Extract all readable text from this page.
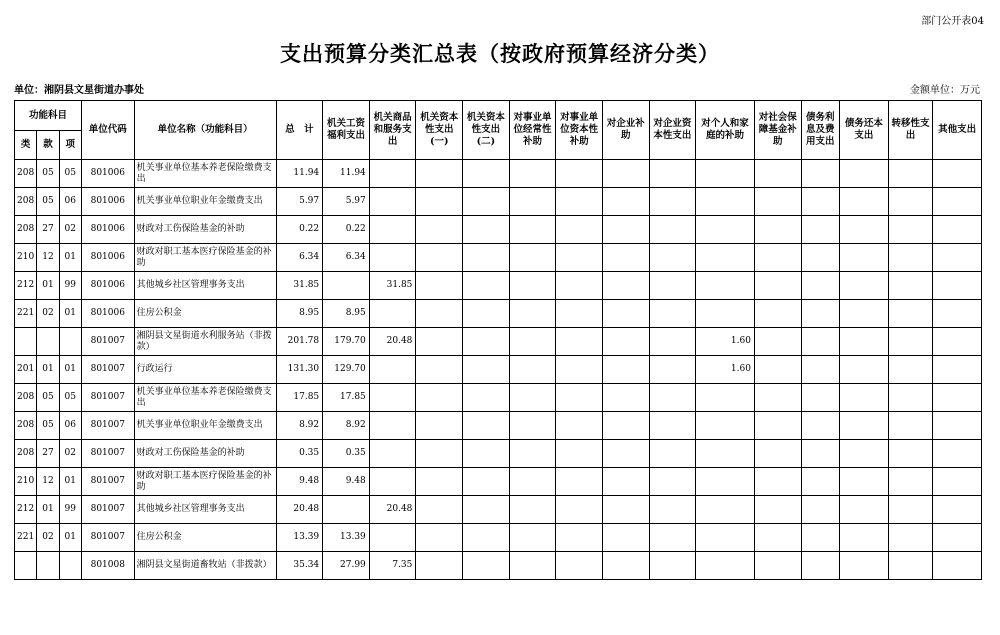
部门公开表04
支出预算分类汇总表（按政府预算经济分类）
单位：湘阴县文星街道办事处	金额单位：万元
功能科目			单位代码	单位名称（功能科目）	总　计	机关工资福利支出	机关商品和服务支出	机关资本性支出(一)	机关资本性支出(二)	对事业单位经常性补助	对事业单位资本性补助	对企业补助	对企业资本性支出	对个人和家庭的补助	对社会保障基金补助	债务利息及费用支出	债务还本支出	转移性支出	其他支出
类	款	项																	
208	05	05	801006	机关事业单位基本养老保险缴费支出	11.94	11.94													
208	05	06	801006	机关事业单位职业年金缴费支出	5.97	5.97													
208	27	02	801006	财政对工伤保险基金的补助	0.22	0.22													
210	12	01	801006	财政对职工基本医疗保险基金的补助	6.34	6.34													
212	01	99	801006	其他城乡社区管理事务支出	31.85		31.85												
221	02	01	801006	住房公积金	8.95	8.95													
			801007	湘阴县文星街道水利服务站（非拨款）	201.78	179.70	20.48							1.60					
201	01	01	801007	行政运行	131.30	129.70								1.60					
208	05	05	801007	机关事业单位基本养老保险缴费支出	17.85	17.85													
208	05	06	801007	机关事业单位职业年金缴费支出	8.92	8.92													
208	27	02	801007	财政对工伤保险基金的补助	0.35	0.35													
210	12	01	801007	财政对职工基本医疗保险基金的补助	9.48	9.48													
212	01	99	801007	其他城乡社区管理事务支出	20.48		20.48												
221	02	01	801007	住房公积金	13.39	13.39													
			801008	湘阴县文星街道畜牧站（非拨款）	35.34	27.99	7.35												
